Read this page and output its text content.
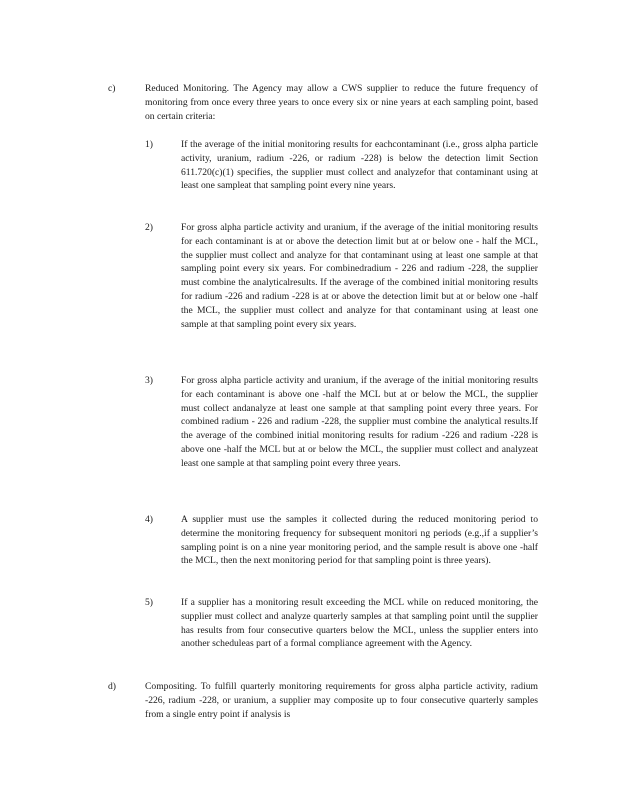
c)	Reduced Monitoring. The Agency may allow a CWS supplier to reduce the future frequency of monitoring from once every three years to once every six or nine years at each sampling point, based on certain criteria:

1)	If the average of the initial monitoring results for eachcontaminant (i.e., gross alpha particle activity, uranium, radium -226, or radium -228) is below the detection limit Section 611.720(c)(1) specifies, the supplier must collect and analyzefor that contaminant using at least one sampleat that sampling point every nine years.

2)	For gross alpha particle activity and uranium, if the average of the initial monitoring results for each contaminant is at or above the detection limit but at or below one - half the MCL, the supplier must collect and analyze for that contaminant using at least one sample at that sampling point every six years. For combinedradium - 226 and radium -228, the supplier must combine the analyticalresults. If the average of the combined initial monitoring results for radium -226 and radium -228 is at or above the detection limit but at or below one -half the MCL, the supplier must collect and analyze for that contaminant using at least one sample at that sampling point every six years.

3)	For gross alpha particle activity and uranium, if the average of the initial monitoring results for each contaminant is above one -half the MCL but at or below the MCL, the supplier must collect andanalyze at least one sample at that sampling point every three years. For combined radium - 226 and radium -228, the supplier must combine the analytical results.If the average of the combined initial monitoring results for radium -226 and radium -228 is above one -half the MCL but at or below the MCL, the supplier must collect and analyzeat least one sample at that sampling point every three years.

4)	A supplier must use the samples it collected during the reduced monitoring period to determine the monitoring frequency for subsequent monitori ng periods (e.g.,if a supplier’s sampling point is on a nine year monitoring period, and the sample result is above one -half the MCL, then the next monitoring period for that sampling point is three years).

5)	If a supplier has a monitoring result exceeding the MCL while on reduced monitoring, the supplier must collect and analyze quarterly samples at that sampling point until the supplier has results from four consecutive quarters below the MCL, unless the supplier enters into another scheduleas part of a formal compliance agreement with the Agency.

d)	Compositing. To fulfill quarterly monitoring requirements for gross alpha particle activity, radium -226, radium -228, or uranium, a supplier may composite up to four consecutive quarterly samples from a single entry point if analysis is
